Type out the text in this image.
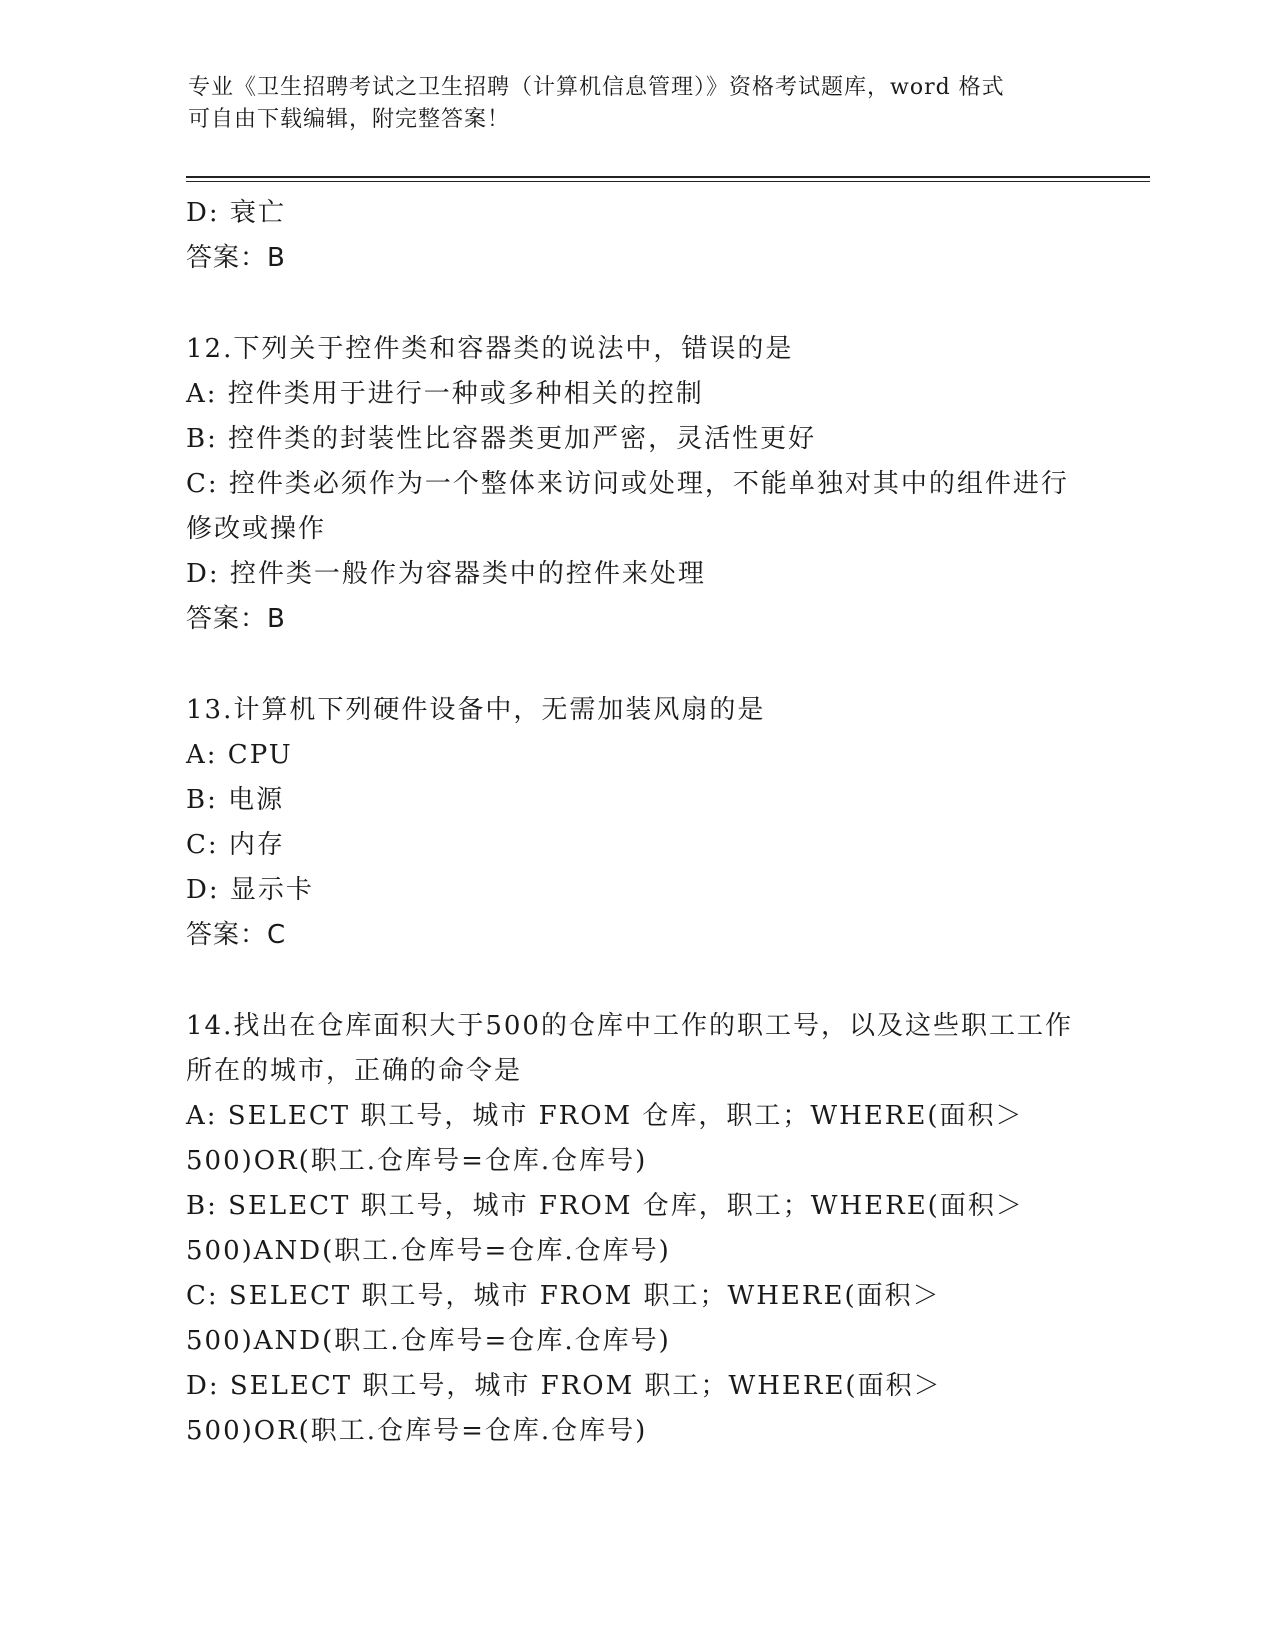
专业《卫生招聘考试之卫生招聘（计算机信息管理）》资格考试题库，word 格式
可自由下载编辑，附完整答案！

D: 衰亡

答案：B

12.下列关于控件类和容器类的说法中，错误的是

A: 控件类用于进行一种或多种相关的控制

B: 控件类的封装性比容器类更加严密，灵活性更好

C: 控件类必须作为一个整体来访问或处理，不能单独对其中的组件进行修改或操作

D: 控件类一般作为容器类中的控件来处理

答案：B

13.计算机下列硬件设备中，无需加装风扇的是

A: CPU

B: 电源

C: 内存

D: 显示卡

答案：C

14.找出在仓库面积大于500的仓库中工作的职工号，以及这些职工工作所在的城市，正确的命令是

A: SELECT 职工号，城市 FROM 仓库，职工；WHERE(面积＞500)OR(职工.仓库号=仓库.仓库号)

B: SELECT 职工号，城市 FROM 仓库，职工；WHERE(面积＞500)AND(职工.仓库号=仓库.仓库号)

C: SELECT 职工号，城市 FROM 职工；WHERE(面积＞500)AND(职工.仓库号=仓库.仓库号)

D: SELECT 职工号，城市 FROM 职工；WHERE(面积＞500)OR(职工.仓库号=仓库.仓库号)
